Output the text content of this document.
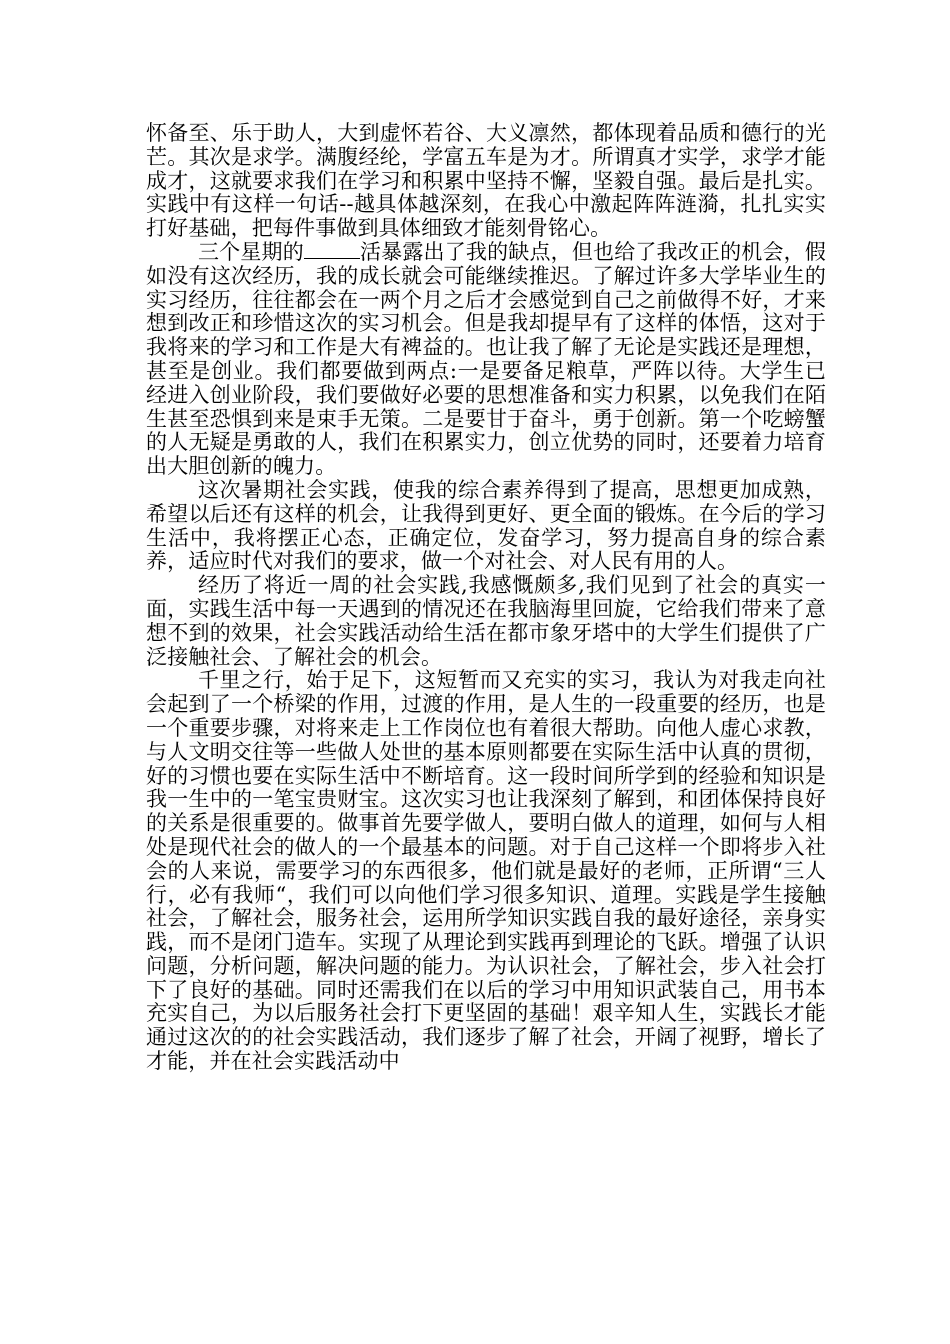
怀备至、乐于助人，大到虚怀若谷、大义凛然，都体现着品质和德行的光芒。其次是求学。满腹经纶，学富五车是为才。所谓真才实学，求学才能成才，这就要求我们在学习和积累中坚持不懈，坚毅自强。最后是扎实。实践中有这样一句话--越具体越深刻，在我心中激起阵阵涟漪，扎扎实实打好基础，把每件事做到具体细致才能刻骨铭心。

三个星期的	活暴露出了我的缺点，但也给了我改正的机会，假如没有这次经历，我的成长就会可能继续推迟。了解过许多大学毕业生的实习经历，往往都会在一两个月之后才会感觉到自己之前做得不好，才来想到改正和珍惜这次的实习机会。但是我却提早有了这样的体悟，这对于我将来的学习和工作是大有裨益的。也让我了解了无论是实践还是理想，甚至是创业。我们都要做到两点:一是要备足粮草，严阵以待。大学生已经进入创业阶段，我们要做好必要的思想准备和实力积累，以免我们在陌生甚至恐惧到来是束手无策。二是要甘于奋斗，勇于创新。第一个吃螃蟹的人无疑是勇敢的人，我们在积累实力，创立优势的同时，还要着力培育出大胆创新的魄力。

这次暑期社会实践，使我的综合素养得到了提高，思想更加成熟，希望以后还有这样的机会，让我得到更好、更全面的锻炼。在今后的学习生活中，我将摆正心态，正确定位，发奋学习，努力提高自身的综合素养，适应时代对我们的要求，做一个对社会、对人民有用的人。

经历了将近一周的社会实践,我感慨颇多,我们见到了社会的真实一面，实践生活中每一天遇到的情况还在我脑海里回旋，它给我们带来了意想不到的效果，社会实践活动给生活在都市象牙塔中的大学生们提供了广泛接触社会、了解社会的机会。

千里之行，始于足下，这短暂而又充实的实习，我认为对我走向社会起到了一个桥梁的作用，过渡的作用，是人生的一段重要的经历，也是一个重要步骤，对将来走上工作岗位也有着很大帮助。向他人虚心求教，与人文明交往等一些做人处世的基本原则都要在实际生活中认真的贯彻，好的习惯也要在实际生活中不断培育。这一段时间所学到的经验和知识是我一生中的一笔宝贵财宝。这次实习也让我深刻了解到，和团体保持良好的关系是很重要的。做事首先要学做人，要明白做人的道理，如何与人相处是现代社会的做人的一个最基本的问题。对于自己这样一个即将步入社会的人来说，需要学习的东西很多，他们就是最好的老师，正所谓“三人行，必有我师“，我们可以向他们学习很多知识、道理。实践是学生接触社会，了解社会，服务社会，运用所学知识实践自我的最好途径，亲身实践，而不是闭门造车。实现了从理论到实践再到理论的飞跃。增强了认识问题，分析问题，解决问题的能力。为认识社会，了解社会，步入社会打下了良好的基础。同时还需我们在以后的学习中用知识武装自己，用书本充实自己，为以后服务社会打下更坚固的基础！艰辛知人生，实践长才能 通过这次的的社会实践活动，我们逐步了解了社会，开阔了视野，增长了才能，并在社会实践活动中
